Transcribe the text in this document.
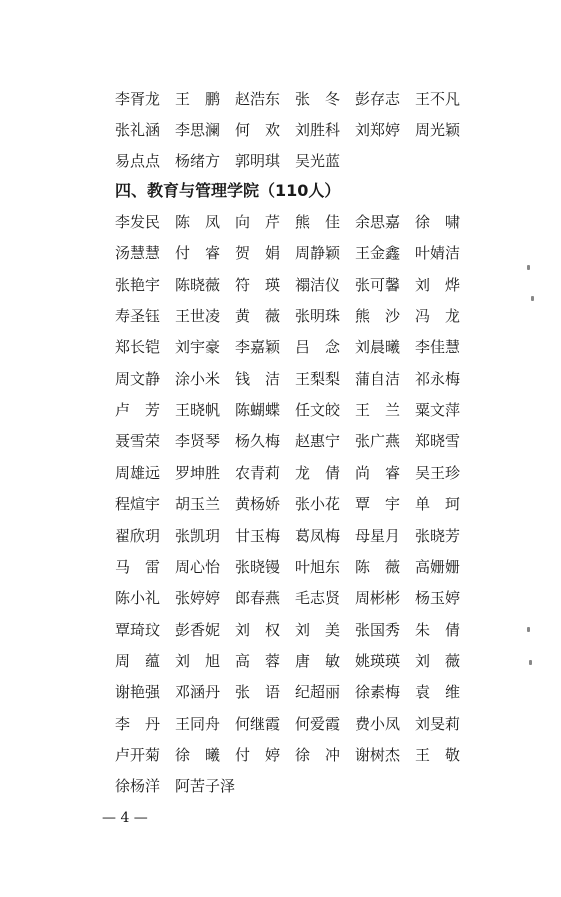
李胥龙 王　鹏 赵浩东 张　冬 彭存志 王不凡
张礼涵 李思澜 何　欢 刘胜科 刘郑婷 周光颖
易点点 杨绪方 郭明琪 吴光蓝
四、教育与管理学院（110人）
李发民 陈　凤 向　芹 熊　佳 余思嘉 徐　啸
汤慧慧 付　睿 贺　娟 周静颖 王金鑫 叶婧洁
张艳宇 陈晓薇 符　瑛 禤洁仪 张可馨 刘　烨
寿圣钰 王世凌 黄　薇 张明珠 熊　沙 冯　龙
郑长铠 刘宇豪 李嘉颖 吕　念 刘晨曦 李佳慧
周文静 涂小米 钱　洁 王梨梨 蒲自洁 祁永梅
卢　芳 王晓帆 陈蝴蝶 任文皎 王　兰 粟文萍
聂雪荣 李贤琴 杨久梅 赵惠宁 张广燕 郑晓雪
周雄远 罗坤胜 农青莉 龙　倩 尚　睿 吴王珍
程煊宇 胡玉兰 黄杨娇 张小花 覃　宇 单　珂
翟欣玥 张凯玥 甘玉梅 葛凤梅 母星月 张晓芳
马　雷 周心怡 张晓镘 叶旭东 陈　薇 高姗姗
陈小礼 张婷婷 郎春燕 毛志贤 周彬彬 杨玉婷
覃琦玟 彭香妮 刘　权 刘　美 张国秀 朱　倩
周　蕴 刘　旭 高　蓉 唐　敏 姚瑛瑛 刘　薇
谢艳强 邓涵丹 张　语 纪超丽 徐素梅 袁　维
李　丹 王同舟 何继霞 何爱霞 费小凤 刘旻莉
卢开菊 徐　曦 付　婷 徐　冲 谢树杰 王　敬
徐杨洋 阿苦子泽
— 4 —
